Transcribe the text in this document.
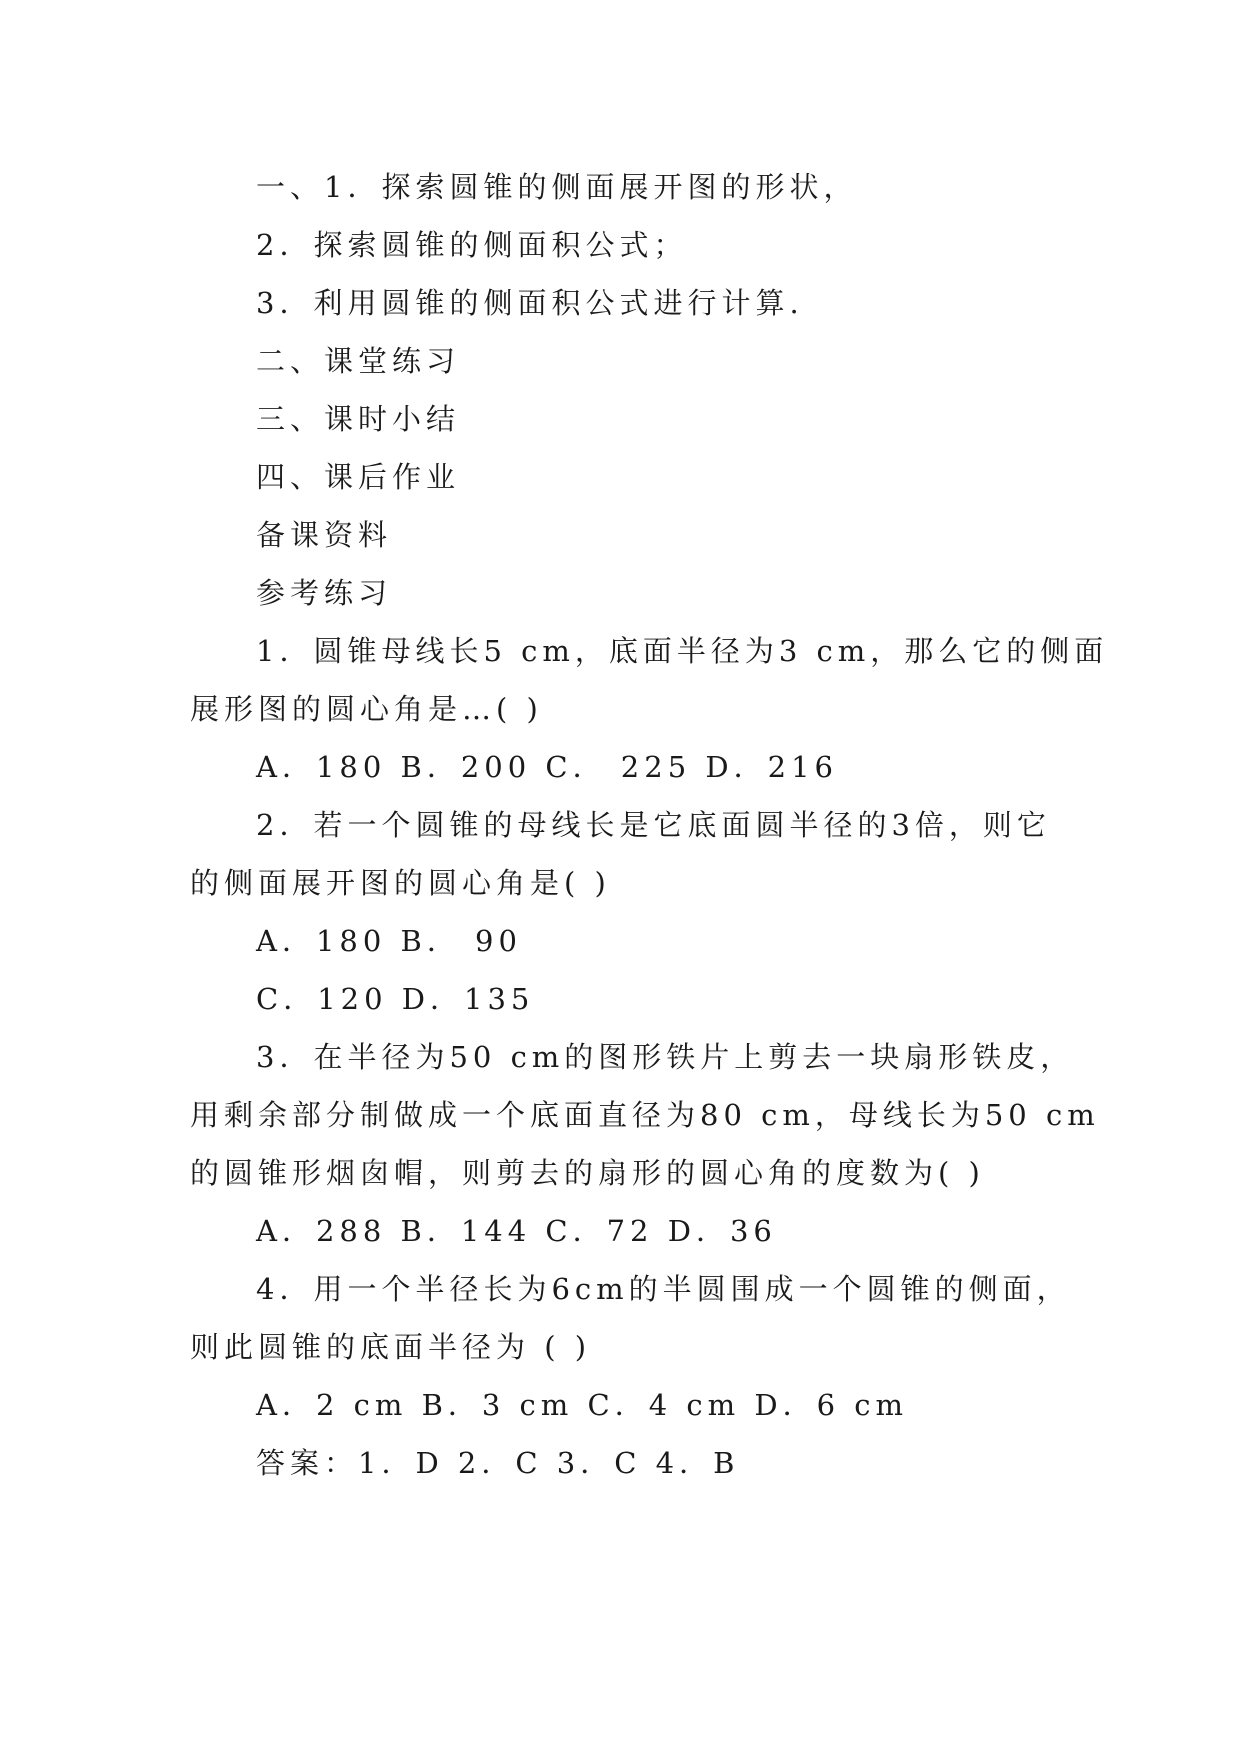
一、1．探索圆锥的侧面展开图的形状，
2．探索圆锥的侧面积公式；
3．利用圆锥的侧面积公式进行计算.
二、课堂练习
三、课时小结
四、课后作业
备课资料
参考练习
1．圆锥母线长5 cm，底面半径为3 cm，那么它的侧面
展形图的圆心角是…( )
A．180 B．200 C． 225 D．216
2．若一个圆锥的母线长是它底面圆半径的3倍，则它
的侧面展开图的圆心角是( )
A．180 B． 90
C．120 D．135
3．在半径为50 cm的图形铁片上剪去一块扇形铁皮，
用剩余部分制做成一个底面直径为80 cm，母线长为50 cm
的圆锥形烟囱帽，则剪去的扇形的圆心角的度数为( )
A．288 B．144 C．72 D．36
4．用一个半径长为6cm的半圆围成一个圆锥的侧面，
则此圆锥的底面半径为 ( )
A．2 cm B．3 cm C．4 cm D．6 cm
答案：1．D 2．C 3．C 4．B
